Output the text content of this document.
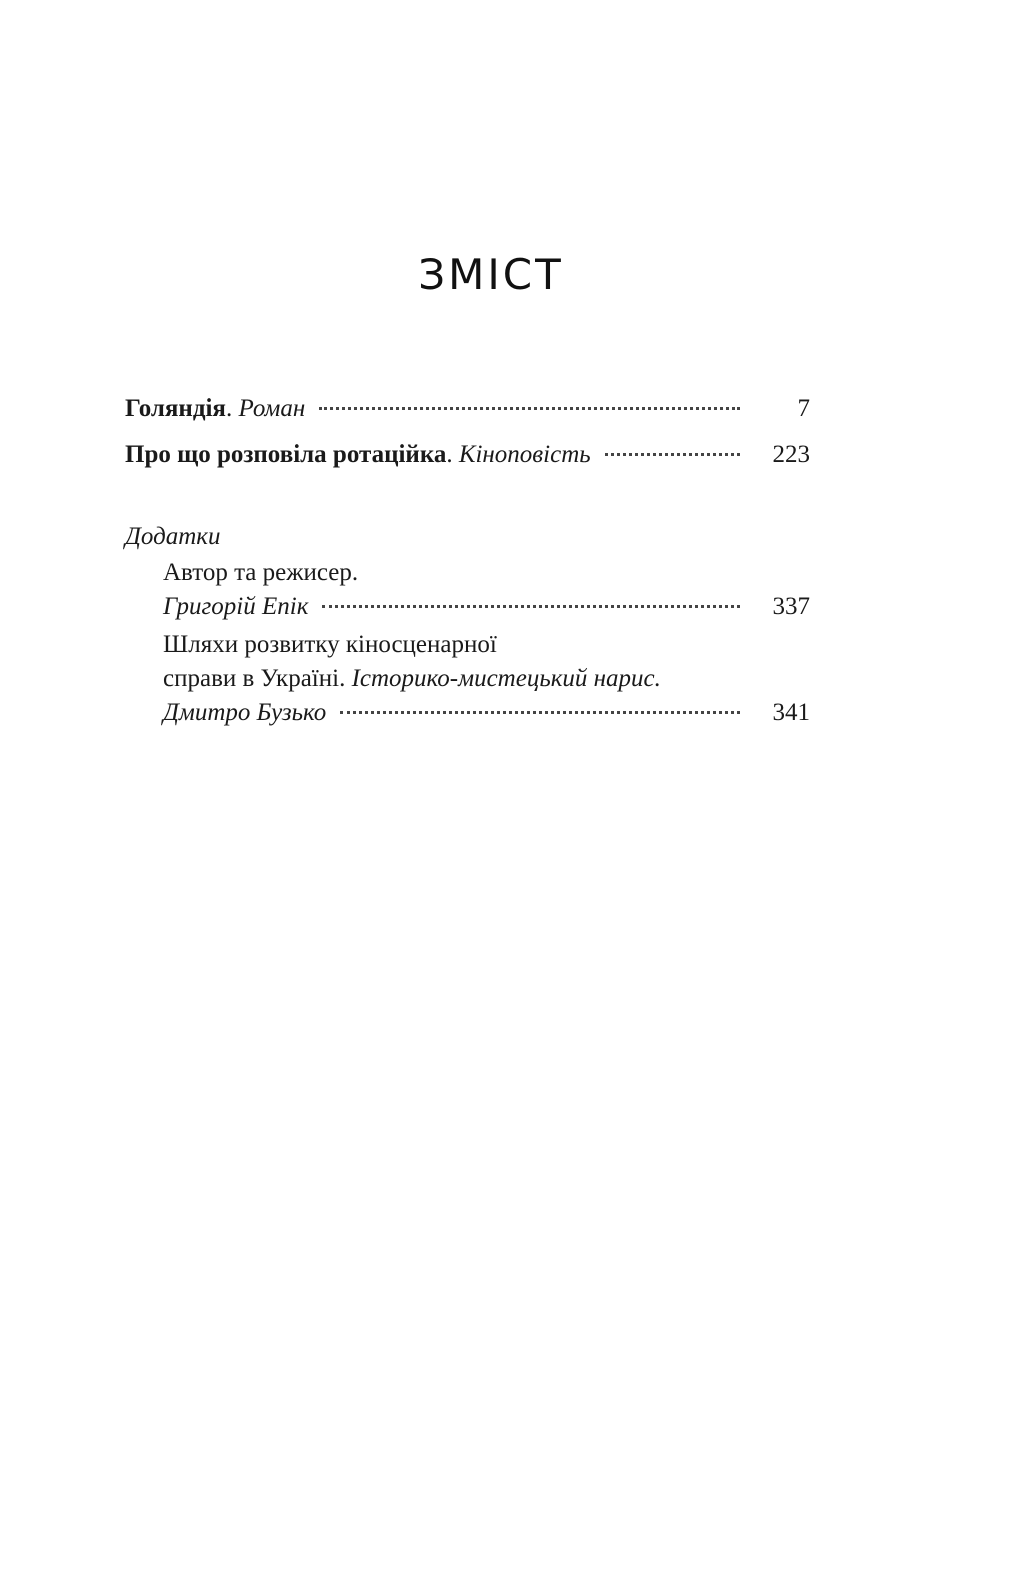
ЗМІСТ
Голяндія. Роман	7
Про що розповіла ротаційка. Кіноповість	223
Додатки
Автор та режисер.
Григорій Епік	337
Шляхи розвитку кіносценарної
справи в Україні. Історико-мистецький нарис.
Дмитро Бузько	341
